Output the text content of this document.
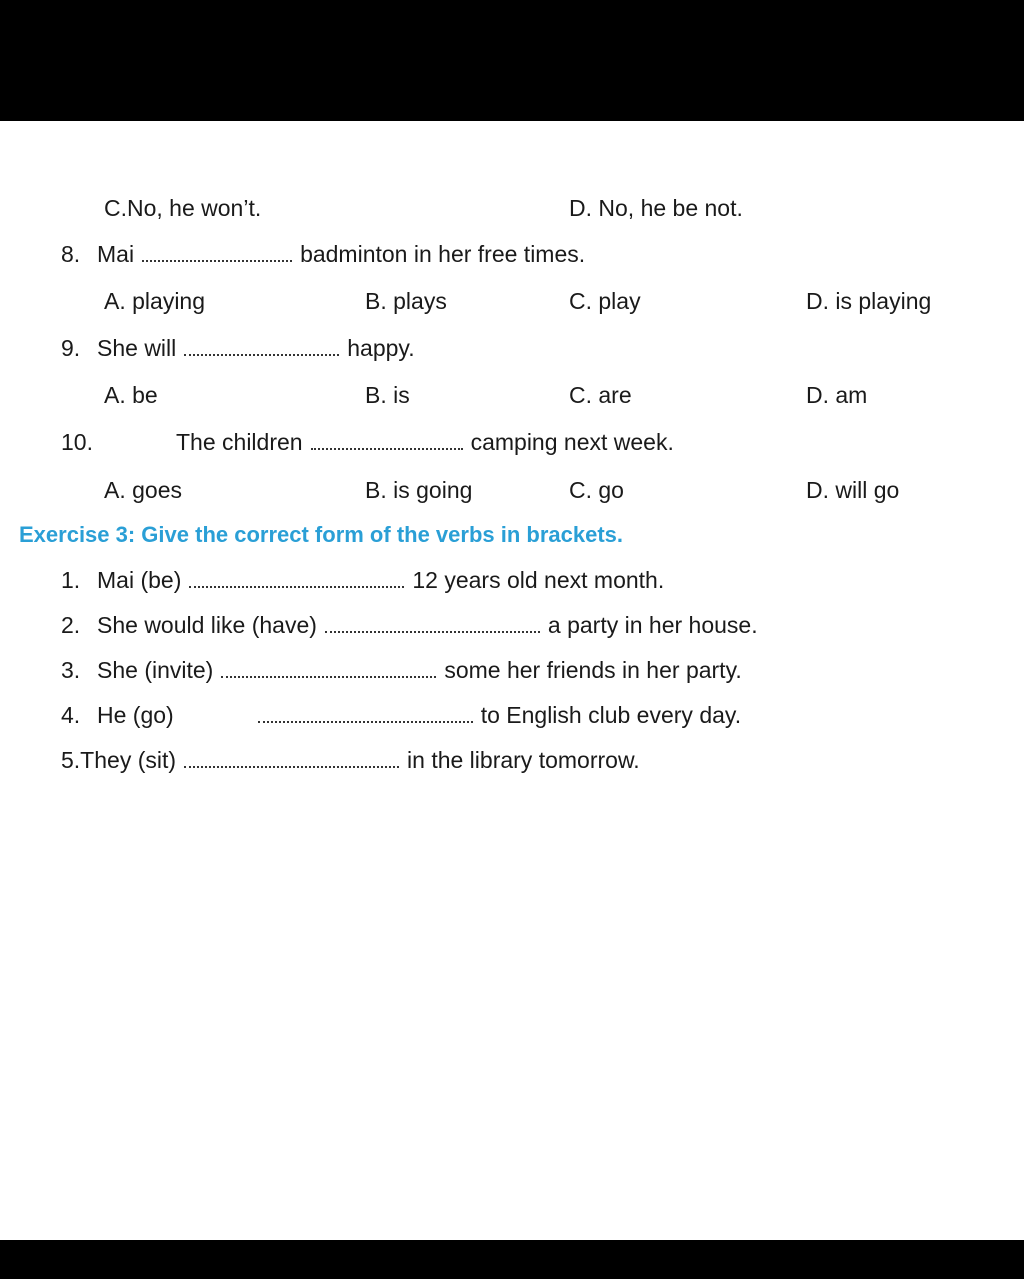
C.No, he won’t.	D. No, he be not.
8. Mai	badminton in her free times.
A. playing	B. plays	C. play	D. is playing
9. She will	happy.
A. be	B. is	C. are	D. am
10.	The children	camping next week.
A. goes	B. is going	C. go	D. will go
Exercise 3: Give the correct form of the verbs in brackets.
1. Mai (be)	12 years old next month.
2. She would like (have)	a party in her house.
3. She (invite)	some her friends in her party.
4. He (go)	to English club every day.
5.They (sit)	in the library tomorrow.
